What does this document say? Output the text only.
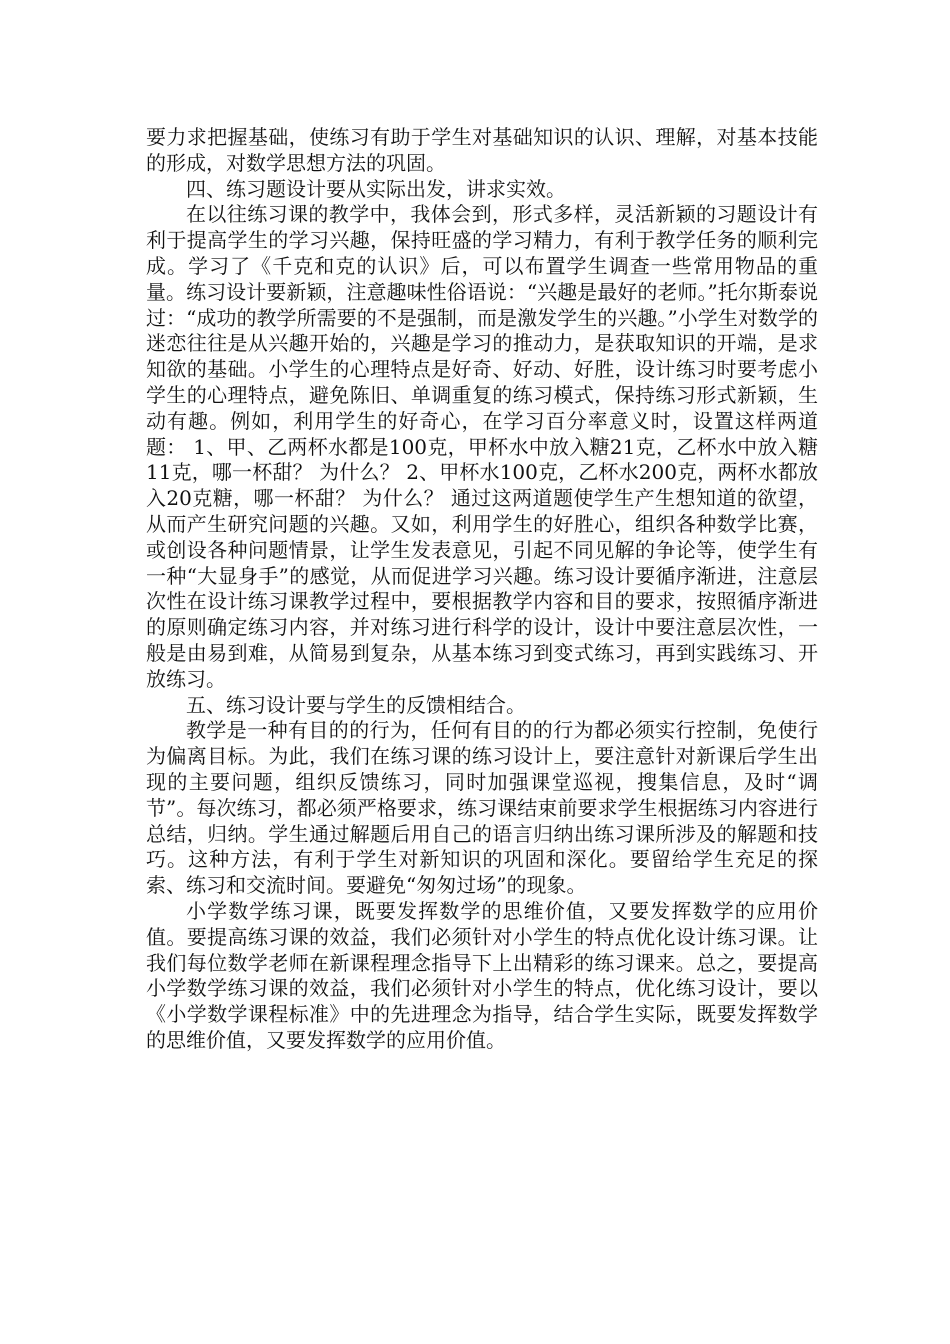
要力求把握基础，使练习有助于学生对基础知识的认识、理解，对基本技能的形成，对数学思想方法的巩固。

四、练习题设计要从实际出发，讲求实效。

在以往练习课的教学中，我体会到，形式多样，灵活新颖的习题设计有利于提高学生的学习兴趣，保持旺盛的学习精力，有利于教学任务的顺利完成。学习了《千克和克的认识》后，可以布置学生调查一些常用物品的重量。练习设计要新颖，注意趣味性俗语说：“兴趣是最好的老师。”托尔斯泰说过：“成功的教学所需要的不是强制，而是激发学生的兴趣。”小学生对数学的迷恋往往是从兴趣开始的，兴趣是学习的推动力，是获取知识的开端，是求知欲的基础。小学生的心理特点是好奇、好动、好胜，设计练习时要考虑小学生的心理特点，避免陈旧、单调重复的练习模式，保持练习形式新颖，生动有趣。例如，利用学生的好奇心，在学习百分率意义时，设置这样两道题： 1、甲、乙两杯水都是100克，甲杯水中放入糖21克，乙杯水中放入糖11克，哪一杯甜？ 为什么？ 2、甲杯水100克，乙杯水200克，两杯水都放入20克糖，哪一杯甜？ 为什么？ 通过这两道题使学生产生想知道的欲望，从而产生研究问题的兴趣。又如，利用学生的好胜心，组织各种数学比赛，或创设各种问题情景，让学生发表意见，引起不同见解的争论等，使学生有一种“大显身手”的感觉，从而促进学习兴趣。练习设计要循序渐进，注意层次性在设计练习课教学过程中，要根据教学内容和目的要求，按照循序渐进的原则确定练习内容，并对练习进行科学的设计，设计中要注意层次性，一般是由易到难，从简易到复杂，从基本练习到变式练习，再到实践练习、开放练习。

五、练习设计要与学生的反馈相结合。

教学是一种有目的的行为，任何有目的的行为都必须实行控制，免使行为偏离目标。为此，我们在练习课的练习设计上，要注意针对新课后学生出现的主要问题，组织反馈练习，同时加强课堂巡视，搜集信息，及时“调节”。每次练习，都必须严格要求，练习课结束前要求学生根据练习内容进行总结，归纳。学生通过解题后用自己的语言归纳出练习课所涉及的解题和技巧。这种方法，有利于学生对新知识的巩固和深化。要留给学生充足的探索、练习和交流时间。要避免“匆匆过场”的现象。

小学数学练习课，既要发挥数学的思维价值，又要发挥数学的应用价值。要提高练习课的效益，我们必须针对小学生的特点优化设计练习课。让我们每位数学老师在新课程理念指导下上出精彩的练习课来。总之，要提高小学数学练习课的效益，我们必须针对小学生的特点，优化练习设计，要以《小学数学课程标准》中的先进理念为指导，结合学生实际，既要发挥数学的思维价值，又要发挥数学的应用价值。
